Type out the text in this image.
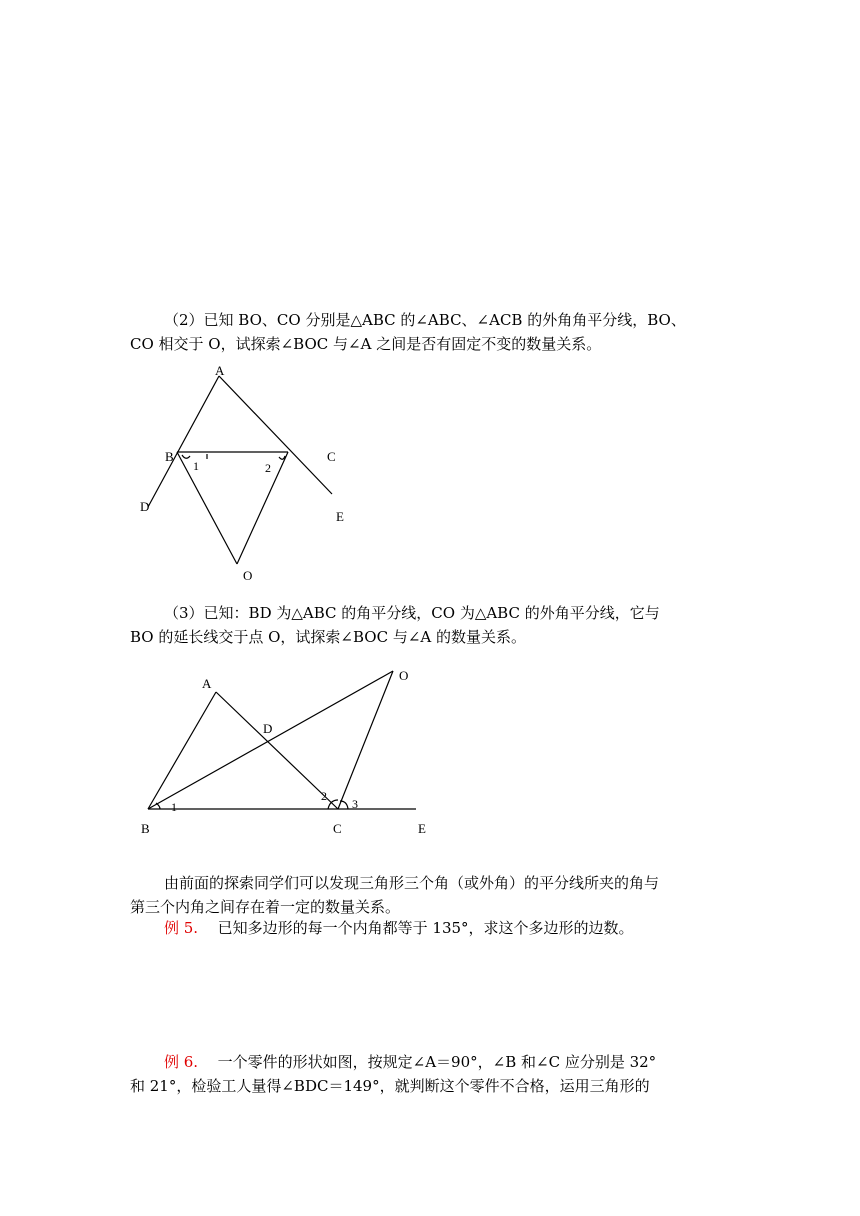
（2）已知 BO、CO 分别是△ABC 的∠ABC、∠ACB 的外角角平分线，BO、
CO 相交于 O，试探索∠BOC 与∠A 之间是否有固定不变的数量关系。
A
B	C
D
E
O
1	2
（3）已知：BD 为△ABC 的角平分线，CO 为△ABC 的外角平分线，它与
BO 的延长线交于点 O，试探索∠BOC 与∠A 的数量关系。
A
O
D
B	C	E
1
2
3
由前面的探索同学们可以发现三角形三个角（或外角）的平分线所夹的角与
第三个内角之间存在着一定的数量关系。
例 5. 已知多边形的每一个内角都等于 135°，求这个多边形的边数。
例 6. 一个零件的形状如图，按规定∠A＝90°，∠B 和∠C 应分别是 32°
和 21°，检验工人量得∠BDC＝149°，就判断这个零件不合格，运用三角形的
